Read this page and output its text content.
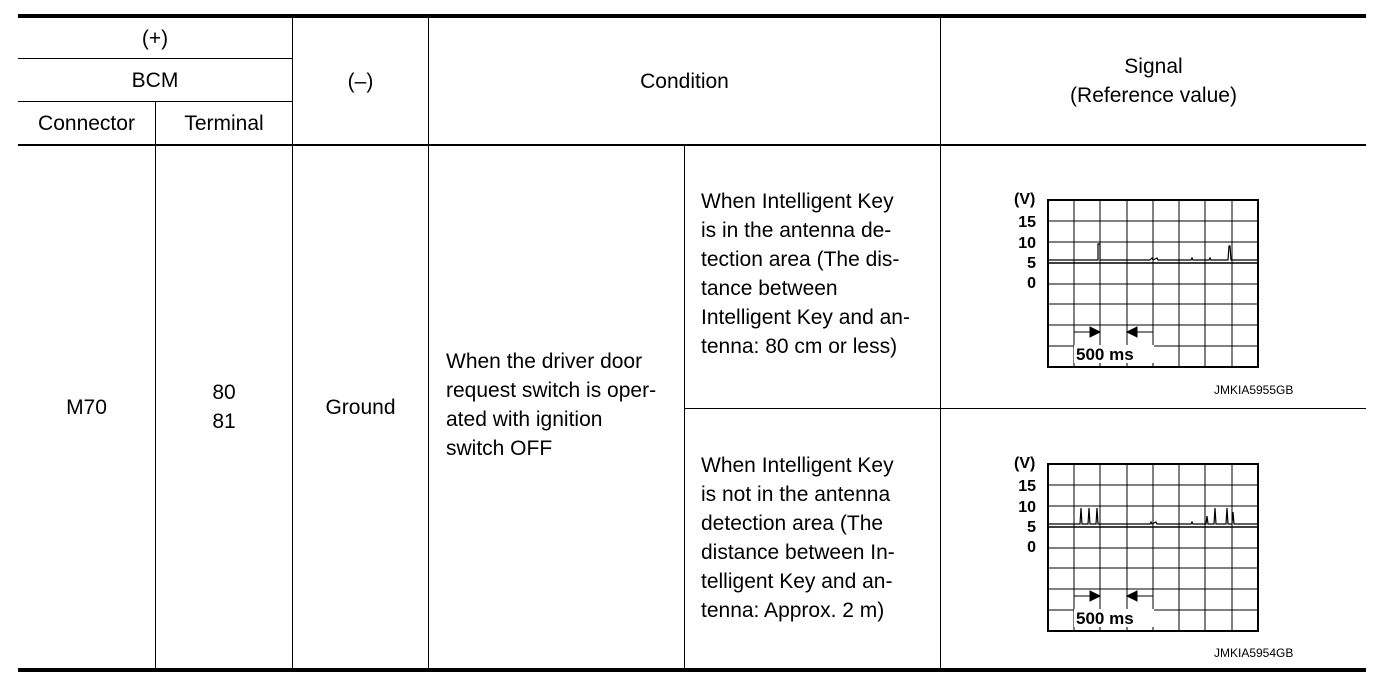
(+)
BCM
Connector	Terminal
(–)	Condition
Signal
(Reference value)
M70
80
81
Ground
When the driver door
request switch is oper-
ated with ignition
switch OFF
When Intelligent Key
is in the antenna de-
tection area (The dis-
tance between
Intelligent Key and an-
tenna: 80 cm or less)
When Intelligent Key
is not in the antenna
detection area (The
distance between In-
telligent Key and an-
tenna: Approx. 2 m)
(V)
15
10
5
0
500 ms
JMKIA5955GB
(V)
15
10
5
0
500 ms
JMKIA5954GB
